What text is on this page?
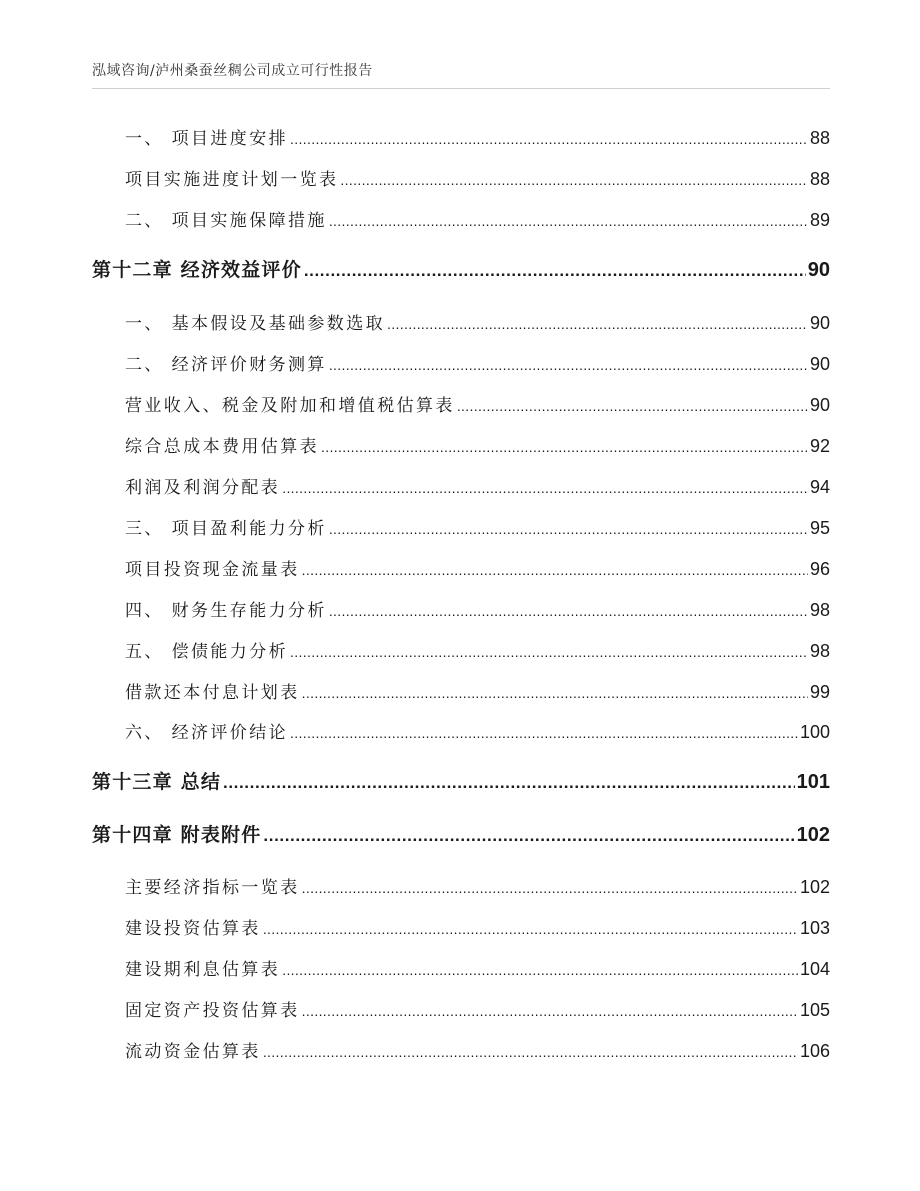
泓域咨询/泸州桑蚕丝稠公司成立可行性报告
一、 项目进度安排 .....	88
项目实施进度计划一览表 .....	88
二、 项目实施保障措施 .....	89
第十二章 经济效益评价 .....	90
一、 基本假设及基础参数选取 .....	90
二、 经济评价财务测算 .....	90
营业收入、税金及附加和增值税估算表 .....	90
综合总成本费用估算表 .....	92
利润及利润分配表 .....	94
三、 项目盈利能力分析 .....	95
项目投资现金流量表 .....	96
四、 财务生存能力分析 .....	98
五、 偿债能力分析 .....	98
借款还本付息计划表 .....	99
六、 经济评价结论 .....	100
第十三章 总结 .....	101
第十四章 附表附件 .....	102
主要经济指标一览表 .....	102
建设投资估算表 .....	103
建设期利息估算表 .....	104
固定资产投资估算表 .....	105
流动资金估算表 .....	106
